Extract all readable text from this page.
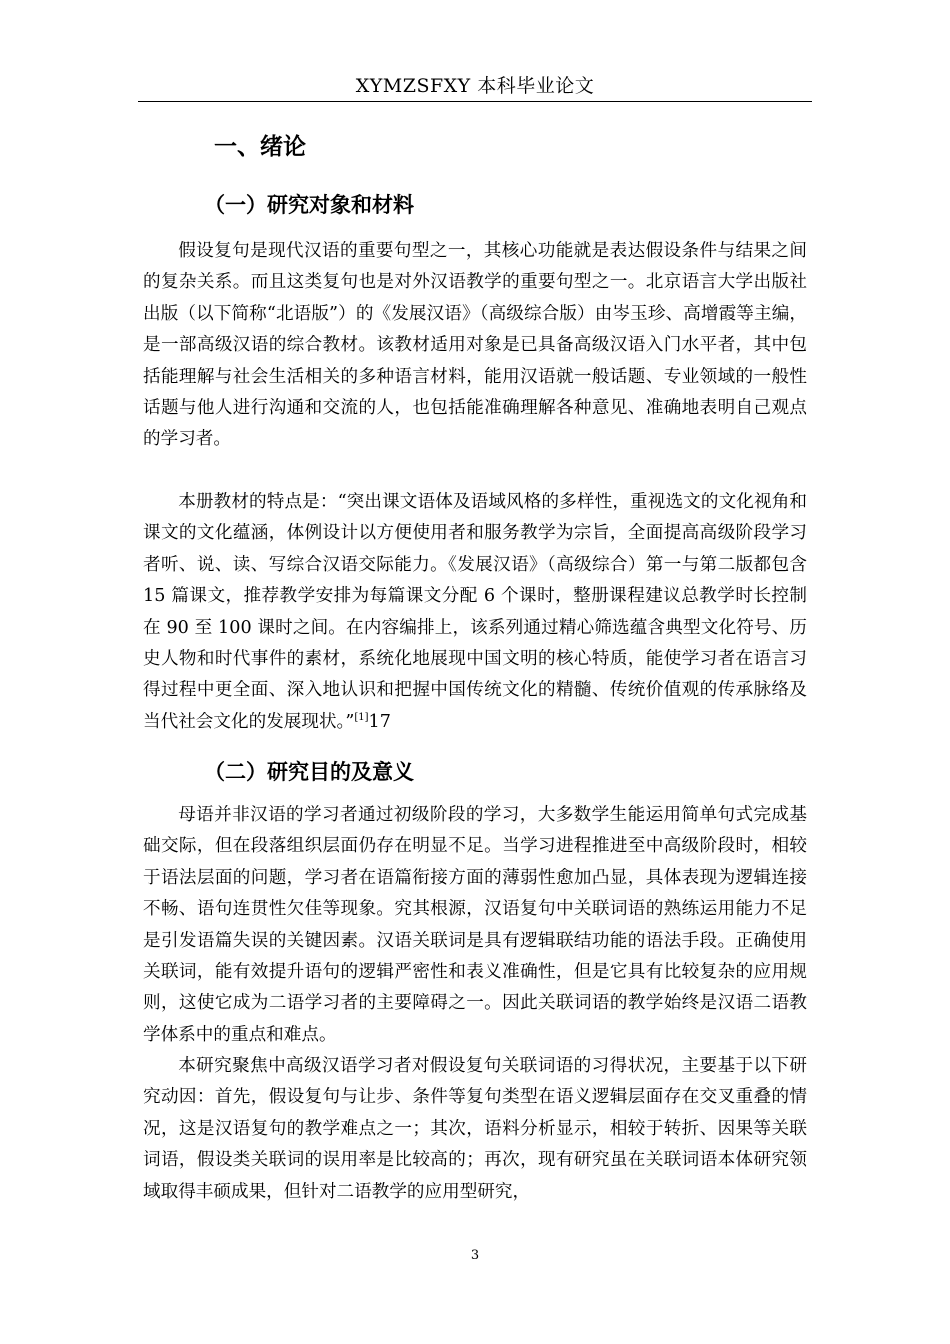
XYMZSFXY 本科毕业论文
一、绪论
（一）研究对象和材料

假设复句是现代汉语的重要句型之一，其核心功能就是表达假设条件与结果之间的复杂关系。而且这类复句也是对外汉语教学的重要句型之一。北京语言大学出版社出版（以下简称“北语版”）的《发展汉语》（高级综合版）由岑玉珍、高增霞等主编，是一部高级汉语的综合教材。该教材适用对象是已具备高级汉语入门水平者，其中包括能理解与社会生活相关的多种语言材料，能用汉语就一般话题、专业领域的一般性话题与他人进行沟通和交流的人，也包括能准确理解各种意见、准确地表明自己观点的学习者。

本册教材的特点是：“突出课文语体及语域风格的多样性，重视选文的文化视角和课文的文化蕴涵，体例设计以方便使用者和服务教学为宗旨，全面提高高级阶段学习者听、说、读、写综合汉语交际能力。《发展汉语》（高级综合）第一与第二版都包含 15 篇课文，推荐教学安排为每篇课文分配 6 个课时，整册课程建议总教学时长控制在 90 至 100 课时之间。在内容编排上，该系列通过精心筛选蕴含典型文化符号、历史人物和时代事件的素材，系统化地展现中国文明的核心特质，能使学习者在语言习得过程中更全面、深入地认识和把握中国传统文化的精髓、传统价值观的传承脉络及当代社会文化的发展现状。”[1]17

（二）研究目的及意义

母语并非汉语的学习者通过初级阶段的学习，大多数学生能运用简单句式完成基础交际，但在段落组织层面仍存在明显不足。当学习进程推进至中高级阶段时，相较于语法层面的问题，学习者在语篇衔接方面的薄弱性愈加凸显，具体表现为逻辑连接不畅、语句连贯性欠佳等现象。究其根源，汉语复句中关联词语的熟练运用能力不足是引发语篇失误的关键因素。汉语关联词是具有逻辑联结功能的语法手段。正确使用关联词，能有效提升语句的逻辑严密性和表义准确性，但是它具有比较复杂的应用规则，这使它成为二语学习者的主要障碍之一。因此关联词语的教学始终是汉语二语教学体系中的重点和难点。

本研究聚焦中高级汉语学习者对假设复句关联词语的习得状况，主要基于以下研究动因：首先，假设复句与让步、条件等复句类型在语义逻辑层面存在交叉重叠的情况，这是汉语复句的教学难点之一；其次，语料分析显示，相较于转折、因果等关联词语，假设类关联词的误用率是比较高的；再次，现有研究虽在关联词语本体研究领域取得丰硕成果，但针对二语教学的应用型研究，

3
